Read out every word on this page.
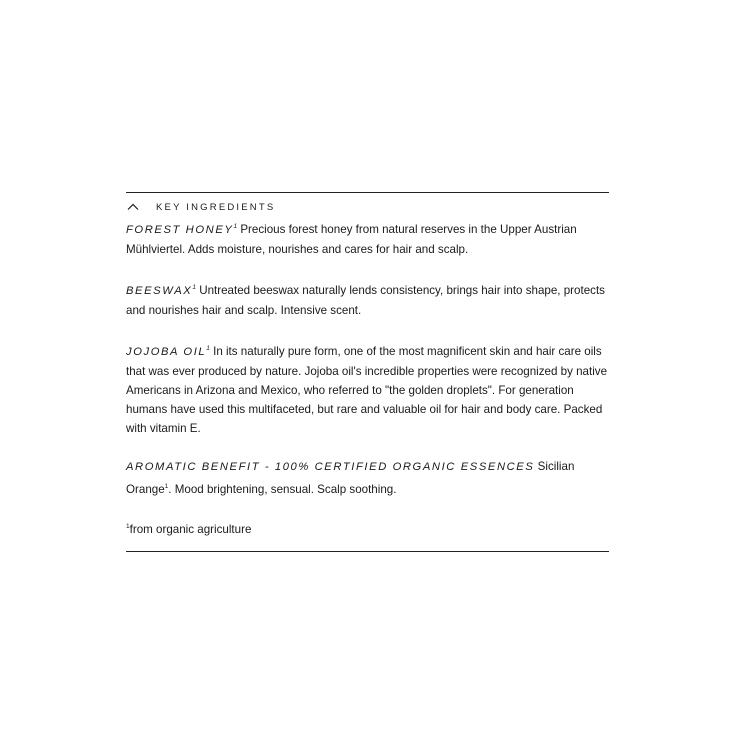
KEY INGREDIENTS

FOREST HONEY$^1$ Precious forest honey from natural reserves in the Upper Austrian Mühlviertel. Adds moisture, nourishes and cares for hair and scalp.

BEESWAX$^1$ Untreated beeswax naturally lends consistency, brings hair into shape, protects and nourishes hair and scalp. Intensive scent.

JOJOBA OIL$^1$ In its naturally pure form, one of the most magnificent skin and hair care oils that was ever produced by nature. Jojoba oil's incredible properties were recognized by native Americans in Arizona and Mexico, who referred to "the golden droplets". For generation humans have used this multifaceted, but rare and valuable oil for hair and body care. Packed with vitamin E.

AROMATIC BENEFIT - 100% CERTIFIED ORGANIC ESSENCES Sicilian Orange$^1$. Mood brightening, sensual. Scalp soothing.

$^1$from organic agriculture
